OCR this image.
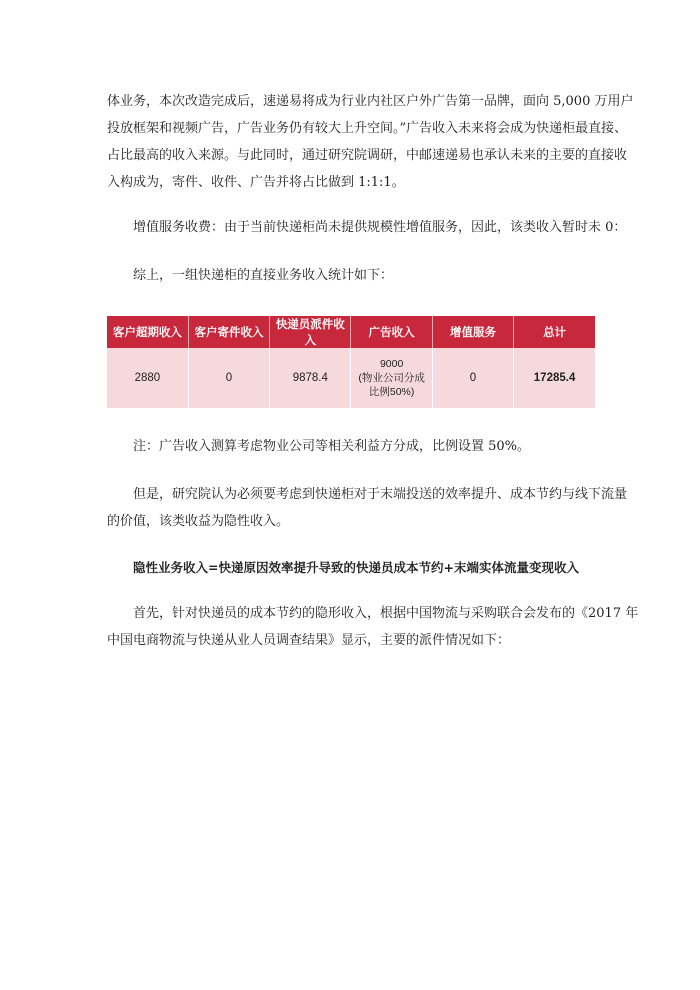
体业务，本次改造完成后，速递易将成为行业内社区户外广告第一品牌，面向 5,000 万用户
投放框架和视频广告，广告业务仍有较大上升空间。”广告收入未来将会成为快递柜最直接、
占比最高的收入来源。与此同时，通过研究院调研，中邮速递易也承认未来的主要的直接收
入构成为，寄件、收件、广告并将占比做到 1:1:1。

增值服务收费：由于当前快递柜尚未提供规模性增值服务，因此，该类收入暂时未 0：

综上，一组快递柜的直接业务收入统计如下：

客户超期收入	客户寄件收入	快递员派件收入	广告收入	增值服务	总计
2880	0	9878.4	9000
(物业公司分成
比例50%)	0	17285.4

注：广告收入测算考虑物业公司等相关利益方分成，比例设置 50%。

但是，研究院认为必须要考虑到快递柜对于末端投送的效率提升、成本节约与线下流量
的价值，该类收益为隐性收入。

隐性业务收入=快递原因效率提升导致的快递员成本节约+末端实体流量变现收入

首先，针对快递员的成本节约的隐形收入，根据中国物流与采购联合会发布的《2017 年
中国电商物流与快递从业人员调查结果》显示，主要的派件情况如下：
